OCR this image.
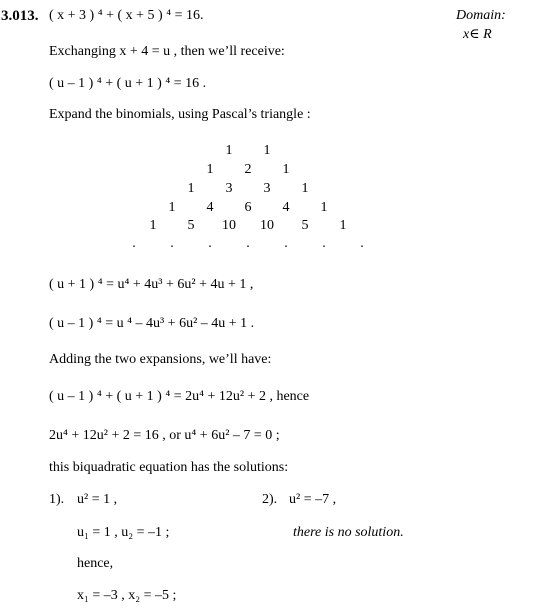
3.013. ( x + 3 ) ⁴ + ( x + 5 ) ⁴ = 16.	Domain:
x∈ R
Exchanging x + 4 = u , then we’ll receive:
( u – 1 ) ⁴ + ( u + 1 ) ⁴ = 16 .
Expand the binomials, using Pascal’s triangle :
1	1
1	2	1
1	3	3	1
1	4	6	4	1
1	5	10	10	5	1
.	.	.	.	.	.	.
( u + 1 ) ⁴ = u⁴ + 4u³ + 6u² + 4u + 1 ,
( u – 1 ) ⁴ = u ⁴ – 4u³ + 6u² – 4u + 1 .
Adding the two expansions, we’ll have:
( u – 1 ) ⁴ + ( u + 1 ) ⁴ = 2u⁴ + 12u² + 2 , hence
2u⁴ + 12u² + 2 = 16 , or u⁴ + 6u² – 7 = 0 ;
this biquadratic equation has the solutions:
1). u² = 1 ,	2). u² = –7 ,
u₁ = 1 , u₂ = –1 ;	there is no solution.
hence,
x₁ = –3 , x₂ = –5 ;
